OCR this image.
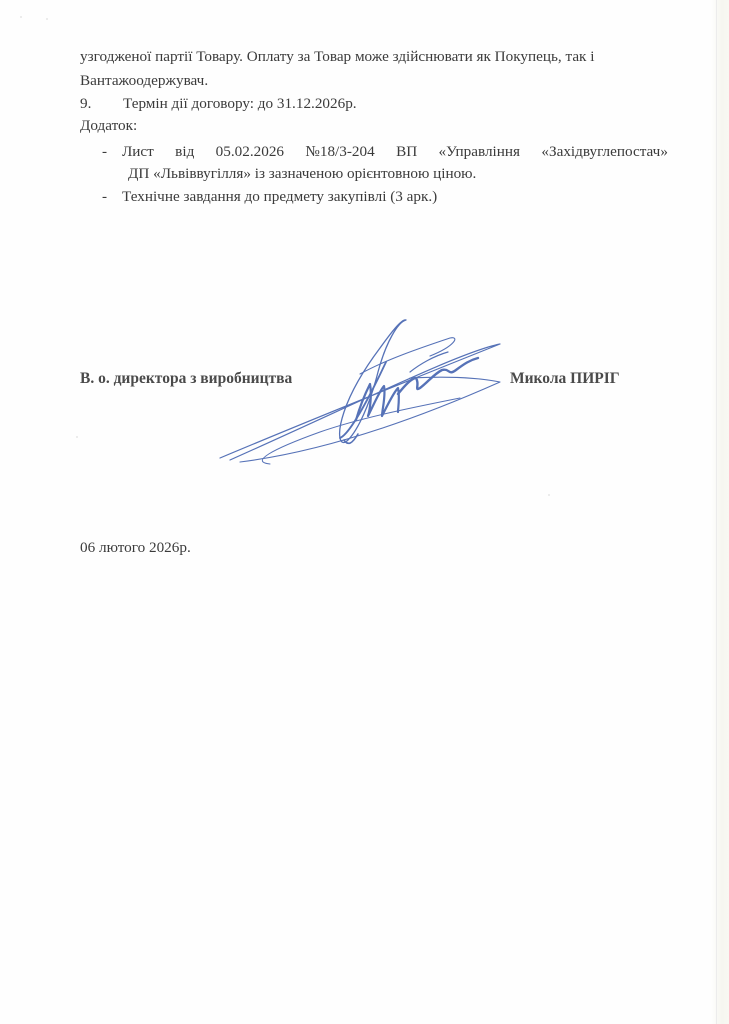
узгодженої партії Товару. Оплату за Товар може здійснювати як Покупець, так і
Вантажоодержувач.
9. Термін дії договору: до 31.12.2026р.
Додаток:
- Лист від 05.02.2026 №18/3-204 ВП «Управління «Західвуглепостач»
ДП «Львіввугілля» із зазначеною орієнтовною ціною.
- Технічне завдання до предмету закупівлі (3 арк.)
В. о. директора з виробництва	Микола ПИРІГ
06 лютого 2026р.
